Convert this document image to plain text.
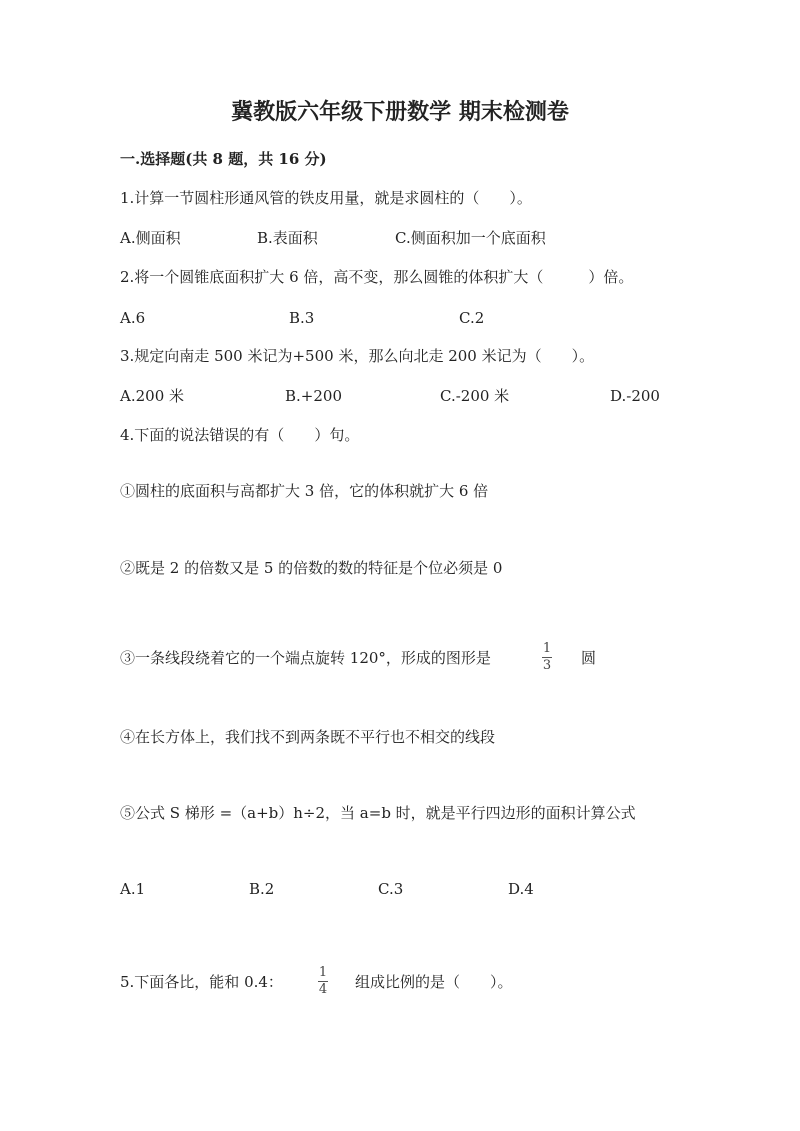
冀教版六年级下册数学 期末检测卷
一.选择题(共 8 题，共 16 分)
1.计算一节圆柱形通风管的铁皮用量，就是求圆柱的（　　）。
A.侧面积	B.表面积	C.侧面积加一个底面积
2.将一个圆锥底面积扩大 6 倍，高不变，那么圆锥的体积扩大（　　　）倍。
A.6	B.3	C.2
3.规定向南走 500 米记为+500 米，那么向北走 200 米记为（　　）。
A.200 米	B.+200	C.-200 米	D.-200
4.下面的说法错误的有（　　）句。
①圆柱的底面积与高都扩大 3 倍，它的体积就扩大 6 倍
②既是 2 的倍数又是 5 的倍数的数的特征是个位必须是 0
③一条线段绕着它的一个端点旋转 120°，形成的图形是
1
3 圆
④在长方体上，我们找不到两条既不平行也不相交的线段
⑤公式 S 梯形 =（a+b）h÷2，当 a=b 时，就是平行四边形的面积计算公式
A.1	B.2	C.3	D.4
5.下面各比，能和 0.4：
1
4 组成比例的是（　　）。
